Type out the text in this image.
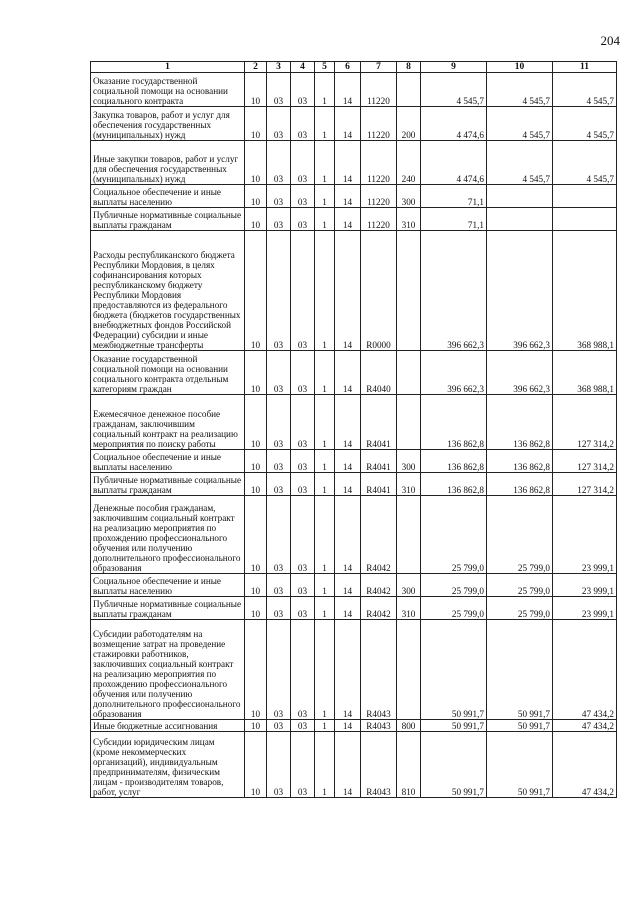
204
1	2	3	4	5	6	7	8	9	10	11
Оказание государственной социальной помощи на основании социального контракта	10	03	03	1	14	11220		4 545,7	4 545,7	4 545,7
Закупка товаров, работ и услуг для обеспечения государственных (муниципальных) нужд	10	03	03	1	14	11220	200	4 474,6	4 545,7	4 545,7
Иные закупки товаров, работ и услуг для обеспечения государственных (муниципальных) нужд	10	03	03	1	14	11220	240	4 474,6	4 545,7	4 545,7
Социальное обеспечение и иные выплаты населению	10	03	03	1	14	11220	300	71,1		
Публичные нормативные социальные выплаты гражданам	10	03	03	1	14	11220	310	71,1		
Расходы республиканского бюджета Республики Мордовия, в целях софинансирования которых республиканскому бюджету Республики Мордовия предоставляются из федерального бюджета (бюджетов государственных внебюджетных фондов Российской Федерации) субсидии и иные межбюджетные трансферты	10	03	03	1	14	R0000		396 662,3	396 662,3	368 988,1
Оказание государственной социальной помощи на основании социального контракта отдельным категориям граждан	10	03	03	1	14	R4040		396 662,3	396 662,3	368 988,1
Ежемесячное денежное пособие гражданам, заключившим социальный контракт на реализацию мероприятия по поиску работы	10	03	03	1	14	R4041		136 862,8	136 862,8	127 314,2
Социальное обеспечение и иные выплаты населению	10	03	03	1	14	R4041	300	136 862,8	136 862,8	127 314,2
Публичные нормативные социальные выплаты гражданам	10	03	03	1	14	R4041	310	136 862,8	136 862,8	127 314,2
Денежные пособия гражданам, заключившим социальный контракт на реализацию мероприятия по прохождению профессионального обучения или получению дополнительного профессионального образования	10	03	03	1	14	R4042		25 799,0	25 799,0	23 999,1
Социальное обеспечение и иные выплаты населению	10	03	03	1	14	R4042	300	25 799,0	25 799,0	23 999,1
Публичные нормативные социальные выплаты гражданам	10	03	03	1	14	R4042	310	25 799,0	25 799,0	23 999,1
Субсидии работодателям на возмещение затрат на проведение стажировки работников, заключивших социальный контракт на реализацию мероприятия по прохождению профессионального обучения или получению дополнительного профессионального образования	10	03	03	1	14	R4043		50 991,7	50 991,7	47 434,2
Иные бюджетные ассигнования	10	03	03	1	14	R4043	800	50 991,7	50 991,7	47 434,2
Субсидии юридическим лицам (кроме некоммерческих организаций), индивидуальным предпринимателям, физическим лицам - производителям товаров, работ, услуг	10	03	03	1	14	R4043	810	50 991,7	50 991,7	47 434,2
